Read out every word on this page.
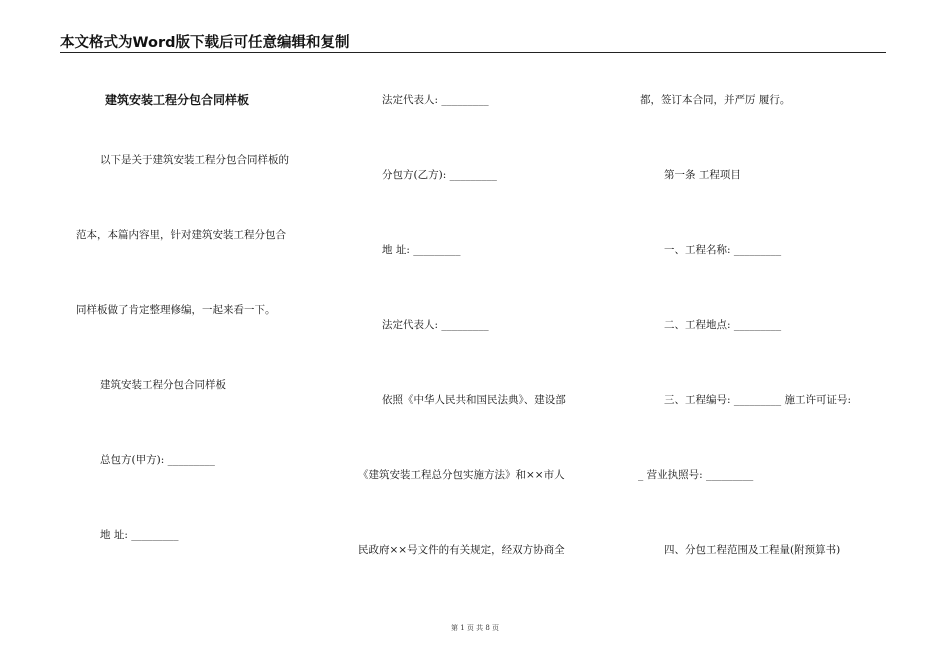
本文格式为Word版下载后可任意编辑和复制
建筑安装工程分包合同样板
以下是关于建筑安装工程分包合同样板的
范本，本篇内容里，针对建筑安装工程分包合
同样板做了肯定整理修编，一起来看一下。
建筑安装工程分包合同样板
总包方(甲方): _________
地 址: _________
法定代表人: _________
分包方(乙方): _________
地 址: _________
法定代表人: _________
依照《中华人民共和国民法典》、建设部
《建筑安装工程总分包实施方法》和××市人
民政府××号文件的有关规定，经双方协商全
都，签订本合同，并严厉 履行。
第一条 工程项目
一、工程名称: _________
二、工程地点: _________
三、工程编号: _________ 施工许可证号:
_ 营业执照号: _________
四、分包工程范围及工程量(附预算书)
第 1 页 共 8 页
